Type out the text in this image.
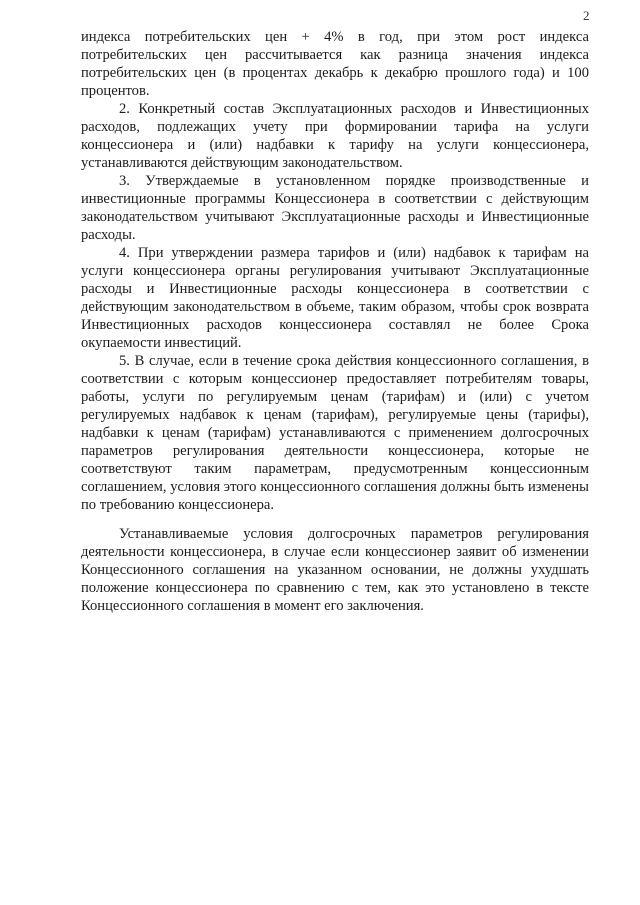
2

индекса потребительских цен + 4% в год, при этом рост индекса потребительских цен рассчитывается как разница значения индекса потребительских цен (в процентах декабрь к декабрю прошлого года) и 100 процентов.

2. Конкретный состав Эксплуатационных расходов и Инвестиционных расходов, подлежащих учету при формировании тарифа на услуги концессионера и (или) надбавки к тарифу на услуги концессионера, устанавливаются действующим законодательством.

3. Утверждаемые в установленном порядке производственные и инвестиционные программы Концессионера в соответствии с действующим законодательством учитывают Эксплуатационные расходы и Инвестиционные расходы.

4. При утверждении размера тарифов и (или) надбавок к тарифам на услуги концессионера органы регулирования учитывают Эксплуатационные расходы и Инвестиционные расходы концессионера в соответствии с действующим законодательством в объеме, таким образом, чтобы срок возврата Инвестиционных расходов концессионера составлял не более Срока окупаемости инвестиций.

5. В случае, если в течение срока действия концессионного соглашения, в соответствии с которым концессионер предоставляет потребителям товары, работы, услуги по регулируемым ценам (тарифам) и (или) с учетом регулируемых надбавок к ценам (тарифам), регулируемые цены (тарифы), надбавки к ценам (тарифам) устанавливаются с применением долгосрочных параметров регулирования деятельности концессионера, которые не соответствуют таким параметрам, предусмотренным концессионным соглашением, условия этого концессионного соглашения должны быть изменены по требованию концессионера.

Устанавливаемые условия долгосрочных параметров регулирования деятельности концессионера, в случае если концессионер заявит об изменении Концессионного соглашения на указанном основании, не должны ухудшать положение концессионера по сравнению с тем, как это установлено в тексте Концессионного соглашения в момент его заключения.
